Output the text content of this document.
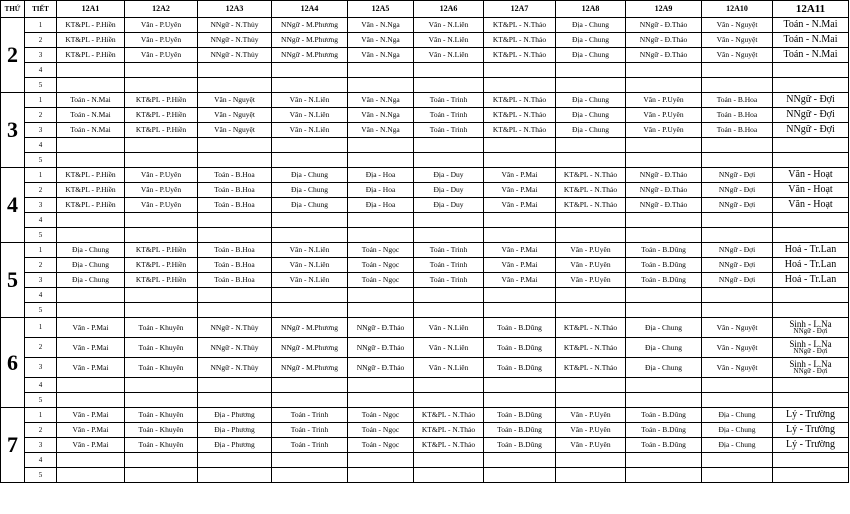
THỨ	TIẾT	12A1	12A2	12A3	12A4	12A5	12A6	12A7	12A8	12A9	12A10	12A11
2	1	KT&PL - P.Hiền	Văn - P.Uyên	NNgữ - N.Thủy	NNgữ - M.Phương	Văn - N.Nga	Văn - N.Liên	KT&PL - N.Thảo	Địa - Chung	NNgữ - Đ.Thảo	Văn - Nguyệt	Toán - N.Mai
	2	KT&PL - P.Hiền	Văn - P.Uyên	NNgữ - N.Thủy	NNgữ - M.Phương	Văn - N.Nga	Văn - N.Liên	KT&PL - N.Thảo	Địa - Chung	NNgữ - Đ.Thảo	Văn - Nguyệt	Toán - N.Mai
	3	KT&PL - P.Hiền	Văn - P.Uyên	NNgữ - N.Thủy	NNgữ - M.Phương	Văn - N.Nga	Văn - N.Liên	KT&PL - N.Thảo	Địa - Chung	NNgữ - Đ.Thảo	Văn - Nguyệt	Toán - N.Mai
	4											
	5											
3	1	Toán - N.Mai	KT&PL - P.Hiền	Văn - Nguyệt	Văn - N.Liên	Văn - N.Nga	Toán - Trinh	KT&PL - N.Thảo	Địa - Chung	Văn - P.Uyên	Toán - B.Hoa	NNgữ - Đợi
	2	Toán - N.Mai	KT&PL - P.Hiền	Văn - Nguyệt	Văn - N.Liên	Văn - N.Nga	Toán - Trinh	KT&PL - N.Thảo	Địa - Chung	Văn - P.Uyên	Toán - B.Hoa	NNgữ - Đợi
	3	Toán - N.Mai	KT&PL - P.Hiền	Văn - Nguyệt	Văn - N.Liên	Văn - N.Nga	Toán - Trinh	KT&PL - N.Thảo	Địa - Chung	Văn - P.Uyên	Toán - B.Hoa	NNgữ - Đợi
	4											
	5											
4	1	KT&PL - P.Hiền	Văn - P.Uyên	Toán - B.Hoa	Địa - Chung	Địa - Hoa	Địa - Duy	Văn - P.Mai	KT&PL - N.Thảo	NNgữ - Đ.Thảo	NNgữ - Đợi	Văn - Hoạt
	2	KT&PL - P.Hiền	Văn - P.Uyên	Toán - B.Hoa	Địa - Chung	Địa - Hoa	Địa - Duy	Văn - P.Mai	KT&PL - N.Thảo	NNgữ - Đ.Thảo	NNgữ - Đợi	Văn - Hoạt
	3	KT&PL - P.Hiền	Văn - P.Uyên	Toán - B.Hoa	Địa - Chung	Địa - Hoa	Địa - Duy	Văn - P.Mai	KT&PL - N.Thảo	NNgữ - Đ.Thảo	NNgữ - Đợi	Văn - Hoạt
	4											
	5											
5	1	Địa - Chung	KT&PL - P.Hiền	Toán - B.Hoa	Văn - N.Liên	Toán - Ngọc	Toán - Trinh	Văn - P.Mai	Văn - P.Uyên	Toán - B.Dũng	NNgữ - Đợi	Hoá - Tr.Lan
	2	Địa - Chung	KT&PL - P.Hiền	Toán - B.Hoa	Văn - N.Liên	Toán - Ngọc	Toán - Trinh	Văn - P.Mai	Văn - P.Uyên	Toán - B.Dũng	NNgữ - Đợi	Hoá - Tr.Lan
	3	Địa - Chung	KT&PL - P.Hiền	Toán - B.Hoa	Văn - N.Liên	Toán - Ngọc	Toán - Trinh	Văn - P.Mai	Văn - P.Uyên	Toán - B.Dũng	NNgữ - Đợi	Hoá - Tr.Lan
	4											
	5											
6	1	Văn - P.Mai	Toán - Khuyên	NNgữ - N.Thủy	NNgữ - M.Phương	NNgữ - Đ.Thảo	Văn - N.Liên	Toán - B.Dũng	KT&PL - N.Thảo	Địa - Chung	Văn - Nguyệt	Sinh - L.Na
NNgữ - Đợi

	2	Văn - P.Mai	Toán - Khuyên	NNgữ - N.Thủy	NNgữ - M.Phương	NNgữ - Đ.Thảo	Văn - N.Liên	Toán - B.Dũng	KT&PL - N.Thảo	Địa - Chung	Văn - Nguyệt	Sinh - L.Na
NNgữ - Đợi

	3	Văn - P.Mai	Toán - Khuyên	NNgữ - N.Thủy	NNgữ - M.Phương	NNgữ - Đ.Thảo	Văn - N.Liên	Toán - B.Dũng	KT&PL - N.Thảo	Địa - Chung	Văn - Nguyệt	Sinh - L.Na
NNgữ - Đợi

	4											
	5											
7	1	Văn - P.Mai	Toán - Khuyên	Địa - Phương	Toán - Trinh	Toán - Ngọc	KT&PL - N.Thảo	Toán - B.Dũng	Văn - P.Uyên	Toán - B.Dũng	Địa - Chung	Lý - Trường
	2	Văn - P.Mai	Toán - Khuyên	Địa - Phương	Toán - Trinh	Toán - Ngọc	KT&PL - N.Thảo	Toán - B.Dũng	Văn - P.Uyên	Toán - B.Dũng	Địa - Chung	Lý - Trường
	3	Văn - P.Mai	Toán - Khuyên	Địa - Phương	Toán - Trinh	Toán - Ngọc	KT&PL - N.Thảo	Toán - B.Dũng	Văn - P.Uyên	Toán - B.Dũng	Địa - Chung	Lý - Trường
	4											
	5											
